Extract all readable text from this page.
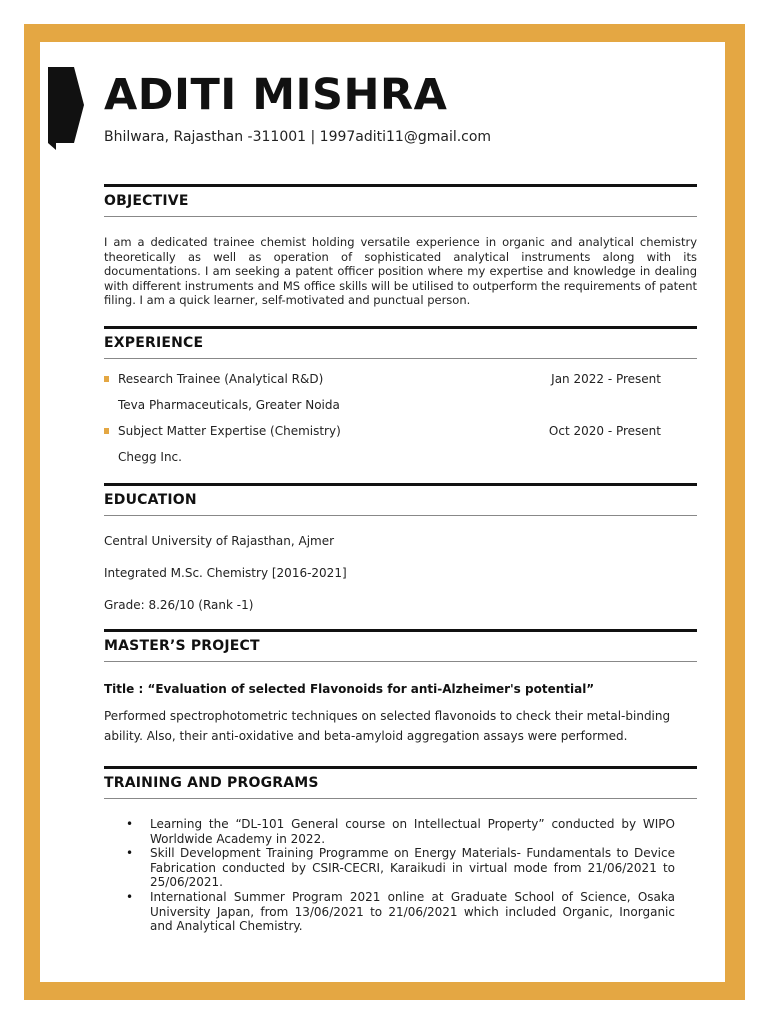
ADITI MISHRA
Bhilwara, Rajasthan -311001 | 1997aditi11@gmail.com
OBJECTIVE
I am a dedicated trainee chemist holding versatile experience in organic and analytical chemistry theoretically as well as operation of sophisticated analytical instruments along with its documentations. I am seeking a patent officer position where my expertise and knowledge in dealing with different instruments and MS office skills will be utilised to outperform the requirements of patent filing. I am a quick learner, self-motivated and punctual person.
EXPERIENCE
Research Trainee (Analytical R&D)	Jan 2022 - Present
Teva Pharmaceuticals, Greater Noida
Subject Matter Expertise (Chemistry)	Oct 2020 - Present
Chegg Inc.
EDUCATION
Central University of Rajasthan, Ajmer
Integrated M.Sc. Chemistry [2016-2021]
Grade: 8.26/10 (Rank -1)
MASTER’S PROJECT
Title : “Evaluation of selected Flavonoids for anti-Alzheimer's potential”
Performed spectrophotometric techniques on selected flavonoids to check their metal-binding ability. Also, their anti-oxidative and beta-amyloid aggregation assays were performed.
TRAINING AND PROGRAMS
• Learning the “DL-101 General course on Intellectual Property” conducted by WIPO Worldwide Academy in 2022.
• Skill Development Training Programme on Energy Materials- Fundamentals to Device Fabrication conducted by CSIR-CECRI, Karaikudi in virtual mode from 21/06/2021 to 25/06/2021.
• International Summer Program 2021 online at Graduate School of Science, Osaka University Japan, from 13/06/2021 to 21/06/2021 which included Organic, Inorganic and Analytical Chemistry.
